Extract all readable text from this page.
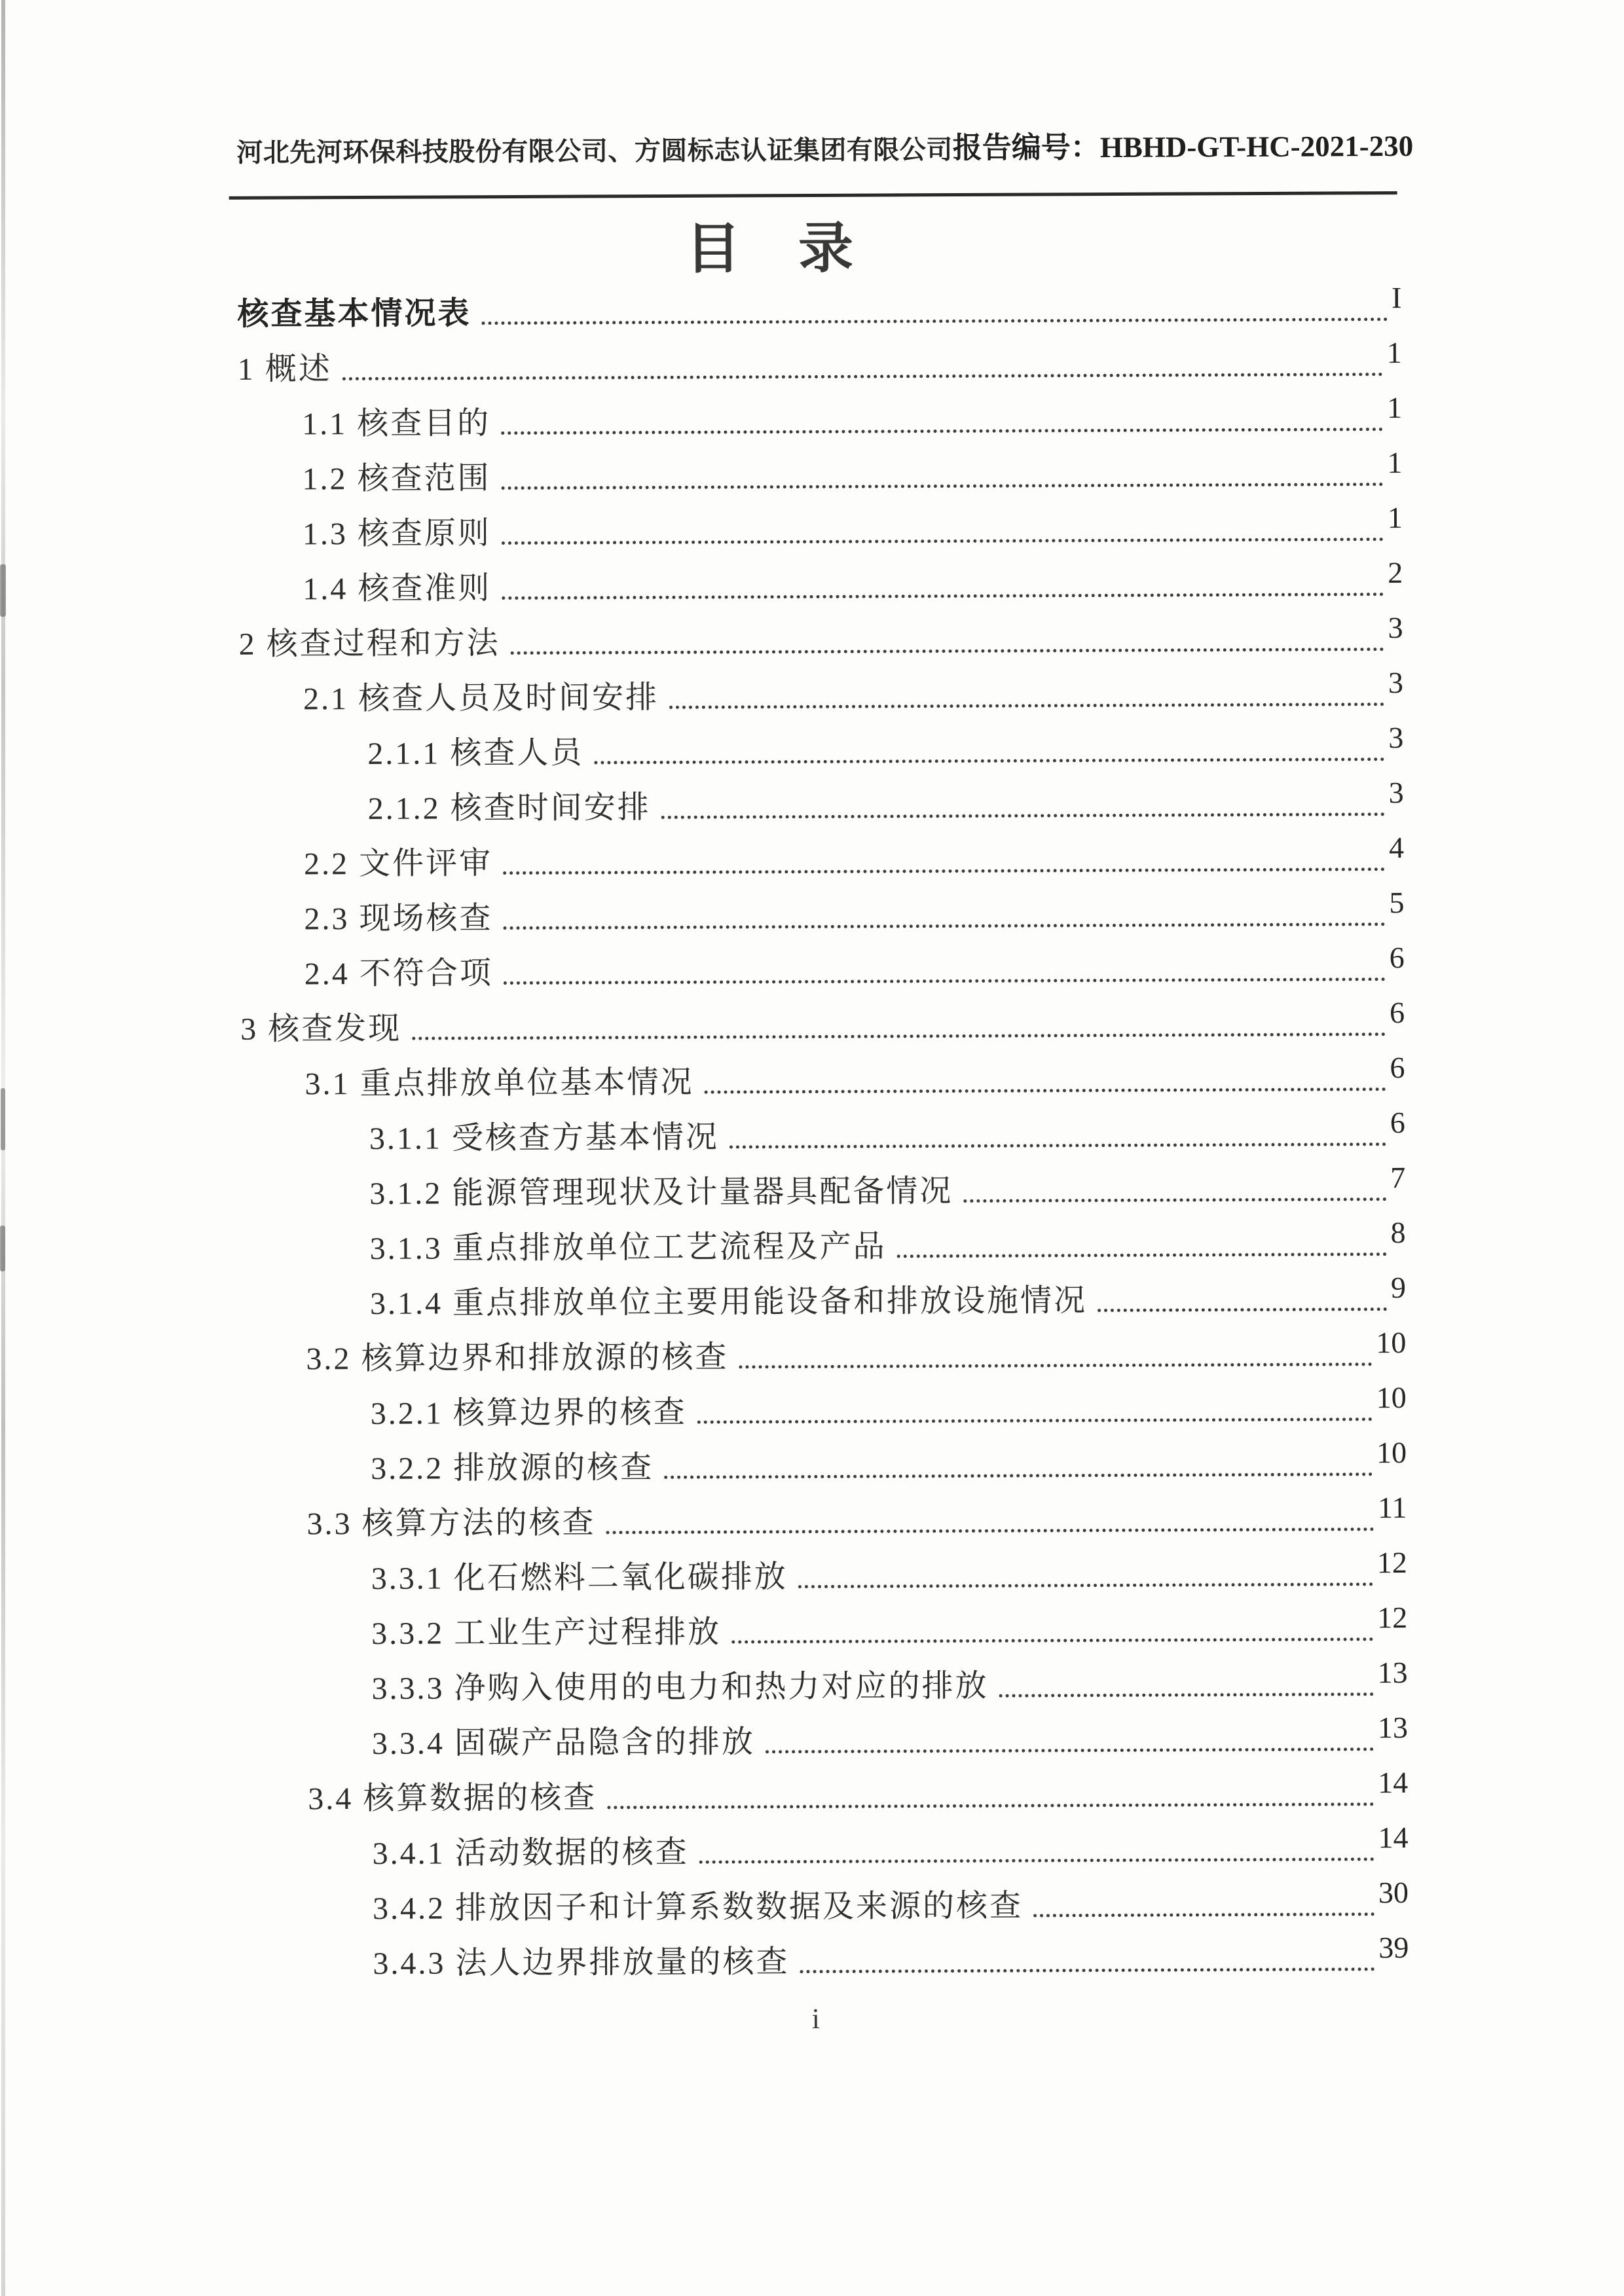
河北先河环保科技股份有限公司、方圆标志认证集团有限公司 报告编号：HBHD-GT-HC-2021-230
目　录
核查基本情况表	I
1 概述	1
1.1 核查目的	1
1.2 核查范围	1
1.3 核查原则	1
1.4 核查准则	2
2 核查过程和方法	3
2.1 核查人员及时间安排	3
2.1.1 核查人员	3
2.1.2 核查时间安排	3
2.2 文件评审	4
2.3 现场核查	5
2.4 不符合项	6
3 核查发现	6
3.1 重点排放单位基本情况	6
3.1.1 受核查方基本情况	6
3.1.2 能源管理现状及计量器具配备情况	7
3.1.3 重点排放单位工艺流程及产品	8
3.1.4 重点排放单位主要用能设备和排放设施情况	9
3.2 核算边界和排放源的核查	10
3.2.1 核算边界的核查	10
3.2.2 排放源的核查	10
3.3 核算方法的核查	11
3.3.1 化石燃料二氧化碳排放	12
3.3.2 工业生产过程排放	12
3.3.3 净购入使用的电力和热力对应的排放	13
3.3.4 固碳产品隐含的排放	13
3.4 核算数据的核查	14
3.4.1 活动数据的核查	14
3.4.2 排放因子和计算系数数据及来源的核查	30
3.4.3 法人边界排放量的核查	39
i
